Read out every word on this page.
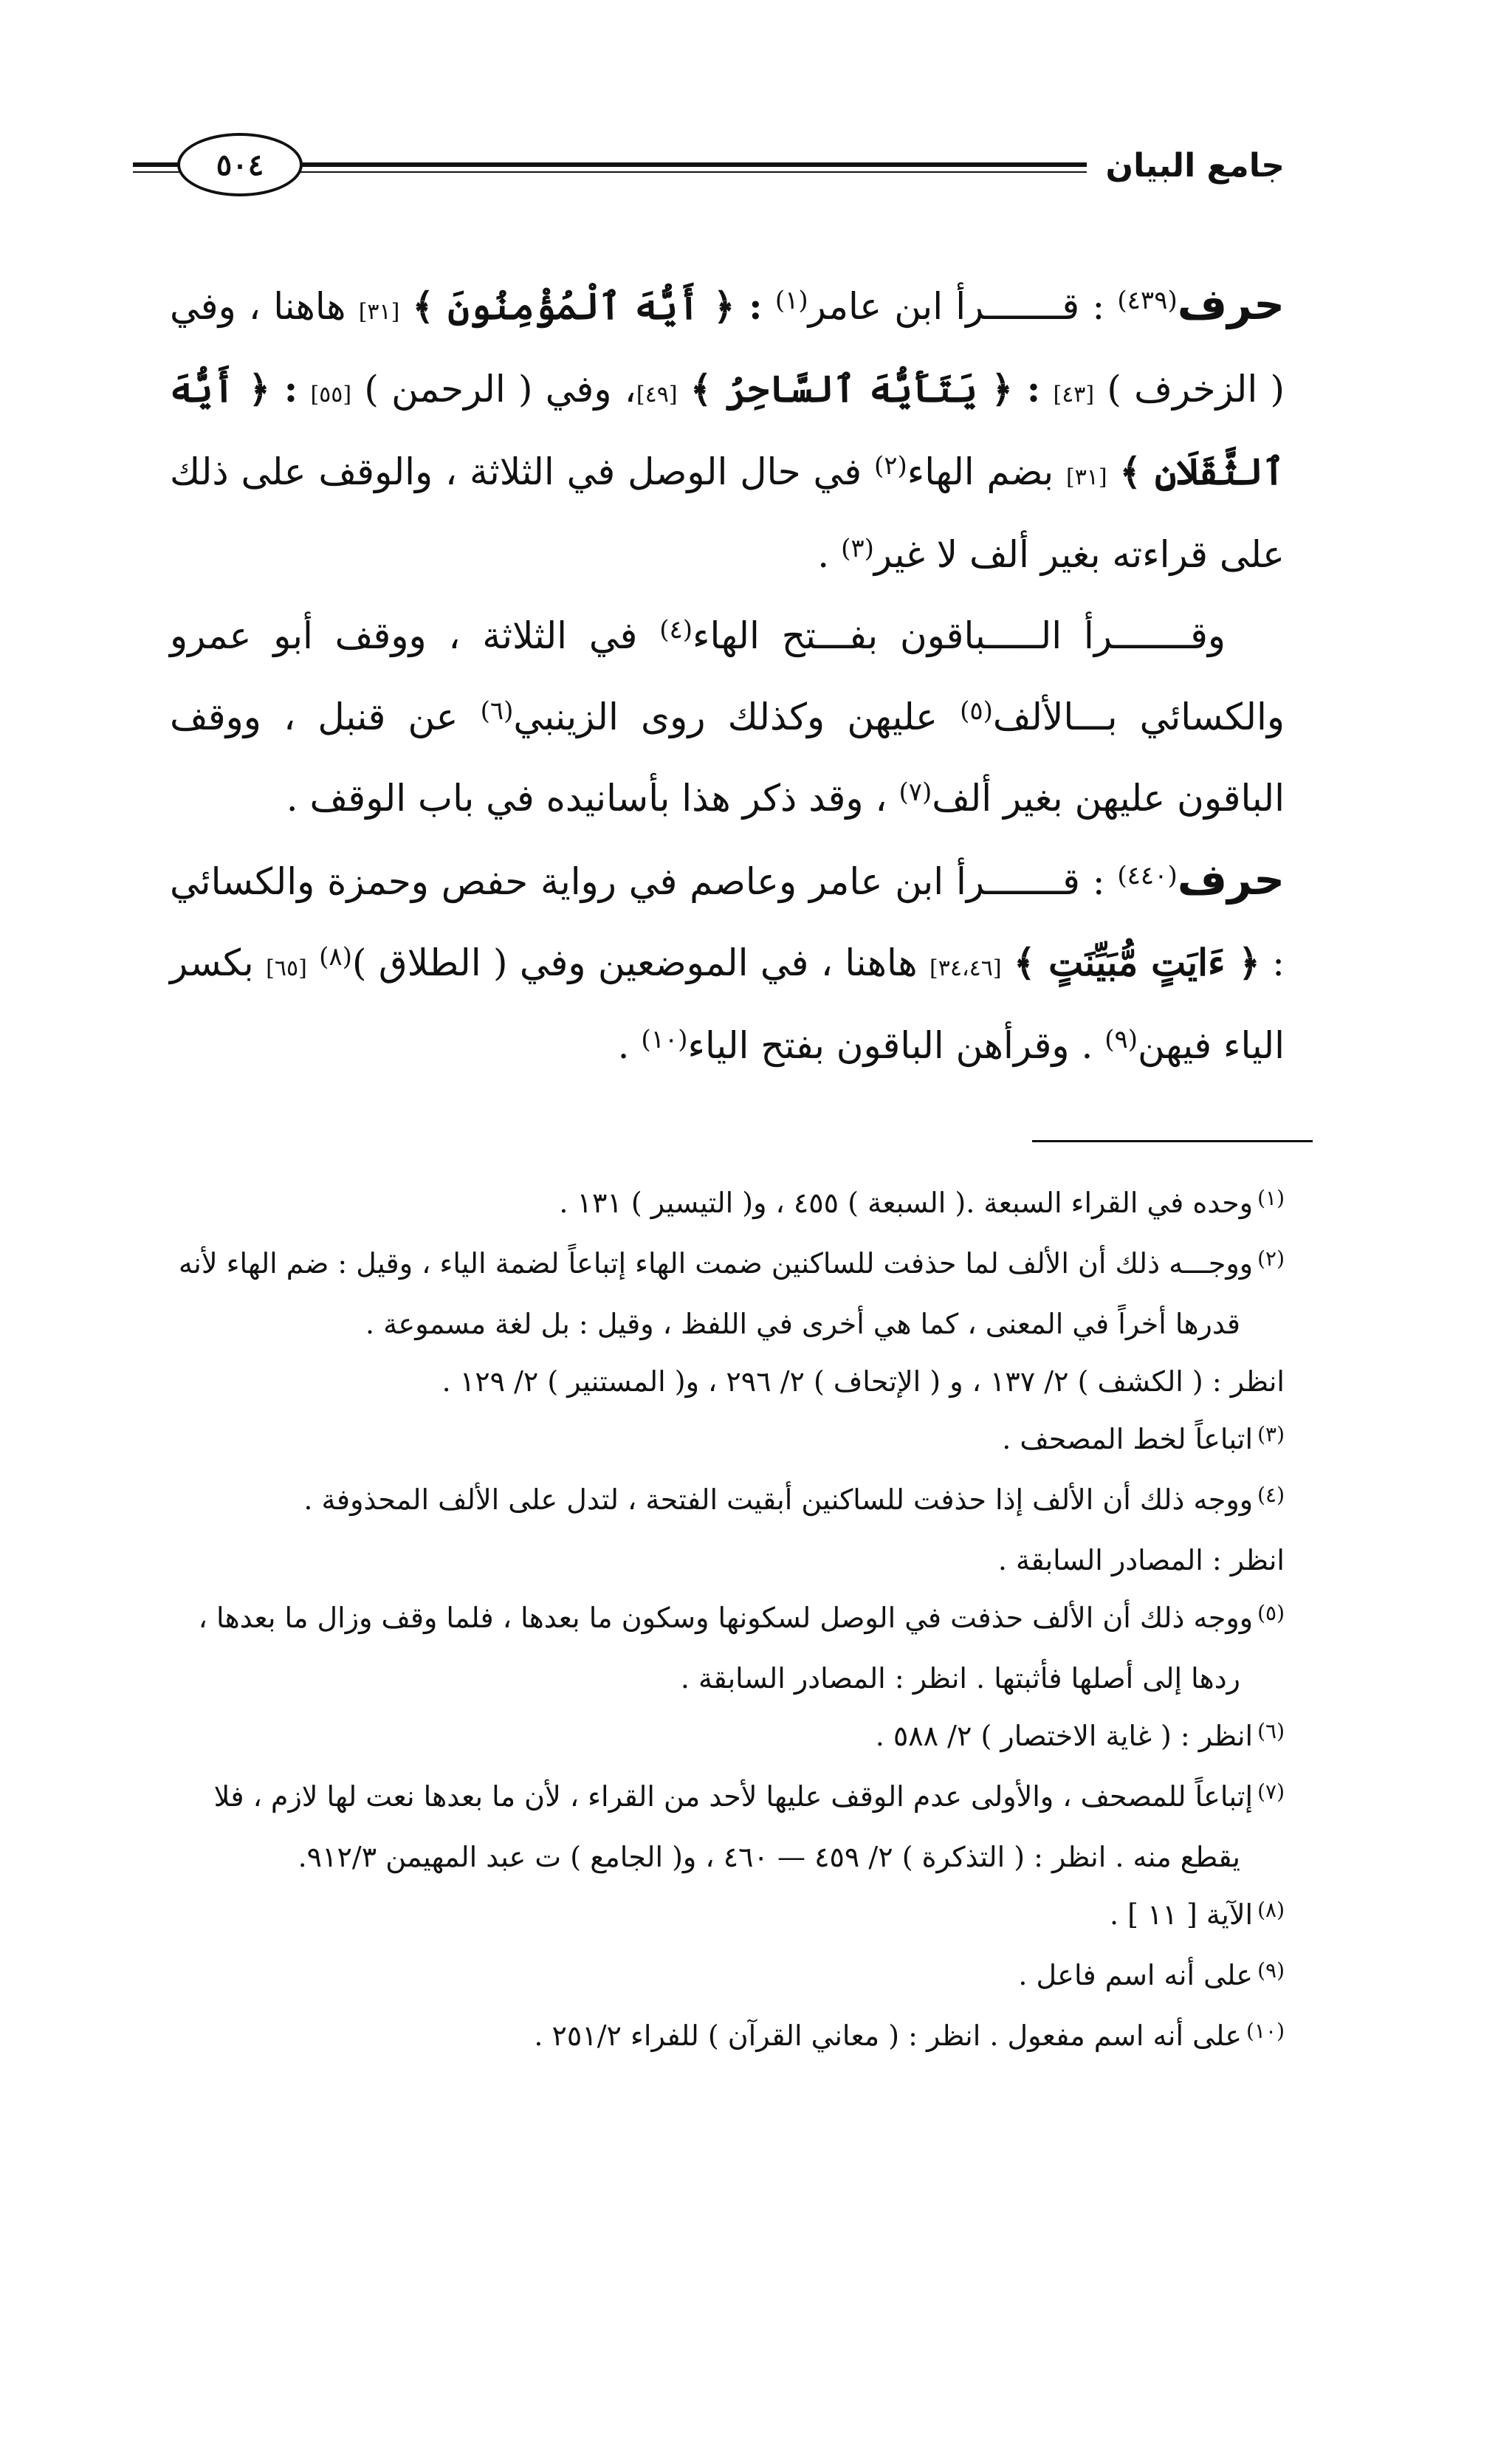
جامع البيان
٥٠٤

حرف$^{(٤٣٩)}$ : قـــــــرأ ابن عامر$^{(١)}$ : ﴿ أَيُّهَ ٱلْمُؤْمِنُونَ ﴾ [٣١] هاهنا ، وفي ( الزخرف ) [٤٣] : ﴿ يَتَأَيُّهَ ٱلسَّاحِرُ ﴾ [٤٩]، وفي ( الرحمن ) [٥٥] : ﴿ أَيُّهَ ٱلثَّقَلَانِ ﴾ [٣١] بضم الهاء$^{(٢)}$ في حال الوصل في الثلاثة ، والوقف على ذلك على قراءته بغير ألف لا غير$^{(٣)}$ .

وقـــــــرأ الـــــباقون بفـــتح الهاء$^{(٤)}$ في الثلاثة ، ووقف أبو عمرو والكسائي بـــالألف$^{(٥)}$ عليهن وكذلك روى الزينبي$^{(٦)}$ عن قنبل ، ووقف الباقون عليهن بغير ألف$^{(٧)}$ ، وقد ذكر هذا بأسانيده في باب الوقف .

حرف$^{(٤٤٠)}$ : قـــــــرأ ابن عامر وعاصم في رواية حفص وحمزة والكسائي : ﴿ ءَايَتٍ مُّبَيِّنَتٍ ﴾ [٣٤،٤٦] هاهنا ، في الموضعين وفي ( الطلاق )$^{(٨)}$ [٦٥] بكسر الياء فيهن$^{(٩)}$ . وقرأهن الباقون بفتح الياء$^{(١٠)}$ .

$^{(١)}$وحده في القراء السبعة .( السبعة ) ٤٥٥ ، و( التيسير ) ١٣١ .

$^{(٢)}$ووجـــه ذلك أن الألف لما حذفت للساكنين ضمت الهاء إتباعاً لضمة الياء ، وقيل : ضم الهاء لأنه

قدرها أخراً في المعنى ، كما هي أخرى في اللفظ ، وقيل : بل لغة مسموعة .

انظر : ( الكشف ) ٢/ ١٣٧ ، و ( الإتحاف ) ٢/ ٢٩٦ ، و( المستنير ) ٢/ ١٢٩ .

$^{(٣)}$اتباعاً لخط المصحف .

$^{(٤)}$ووجه ذلك أن الألف إذا حذفت للساكنين أبقيت الفتحة ، لتدل على الألف المحذوفة .

انظر : المصادر السابقة .

$^{(٥)}$ووجه ذلك أن الألف حذفت في الوصل لسكونها وسكون ما بعدها ، فلما وقف وزال ما بعدها ،

ردها إلى أصلها فأثبتها . انظر : المصادر السابقة .

$^{(٦)}$انظر : ( غاية الاختصار ) ٢/ ٥٨٨ .

$^{(٧)}$إتباعاً للمصحف ، والأولى عدم الوقف عليها لأحد من القراء ، لأن ما بعدها نعت لها لازم ، فلا

يقطع منه . انظر : ( التذكرة ) ٢/ ٤٥٩ — ٤٦٠ ، و( الجامع ) ت عبد المهيمن ٩١٢/٣.

$^{(٨)}$الآية [ ١١ ] .

$^{(٩)}$على أنه اسم فاعل .

$^{(١٠)}$على أنه اسم مفعول . انظر : ( معاني القرآن ) للفراء ٢٥١/٢ .
